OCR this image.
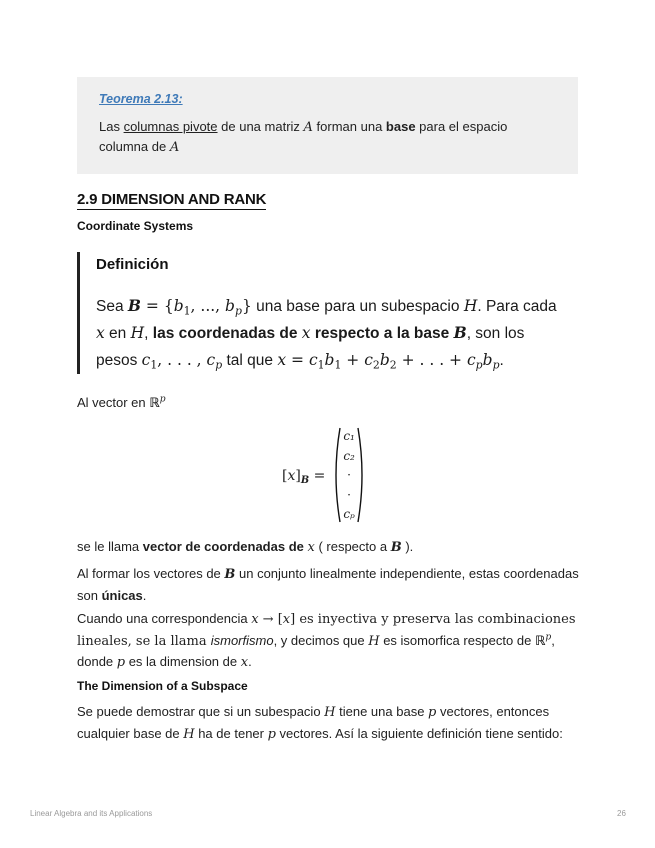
Teorema 2.13:
Las columnas pivote de una matriz A forman una base para el espacio columna de A
2.9 DIMENSION AND RANK
Coordinate Systems
Definición
Sea $B = \{b_1$, ..., $b_p$} una base para un subespacio H. Para cada x en H, las coordenadas de x respecto a la base B, son los pesos $c_1$, . . . , $c_p$ tal que $x = c_1b_1 + c_2b_2$ + . . . + $c_pb_p$.
Al vector en ℝ$^p$
$[x]_B$ =
c₁
c₂
·
·
cₚ
se le llama vector de coordenadas de x ( respecto a B ).
Al formar los vectores de B un conjunto linealmente independiente, estas coordenadas son únicas.
Cuando una correspondencia x → [x] es inyectiva y preserva las combinaciones lineales, se la llama ismorfismo, y decimos que H es isomorfica respecto de ℝ$^p$, donde p es la dimension de x.
The Dimension of a Subspace
Se puede demostrar que si un subespacio H tiene una base p vectores, entonces cualquier base de H ha de tener p vectores. Así la siguiente definición tiene sentido:
Linear Algebra and its Applications	26
